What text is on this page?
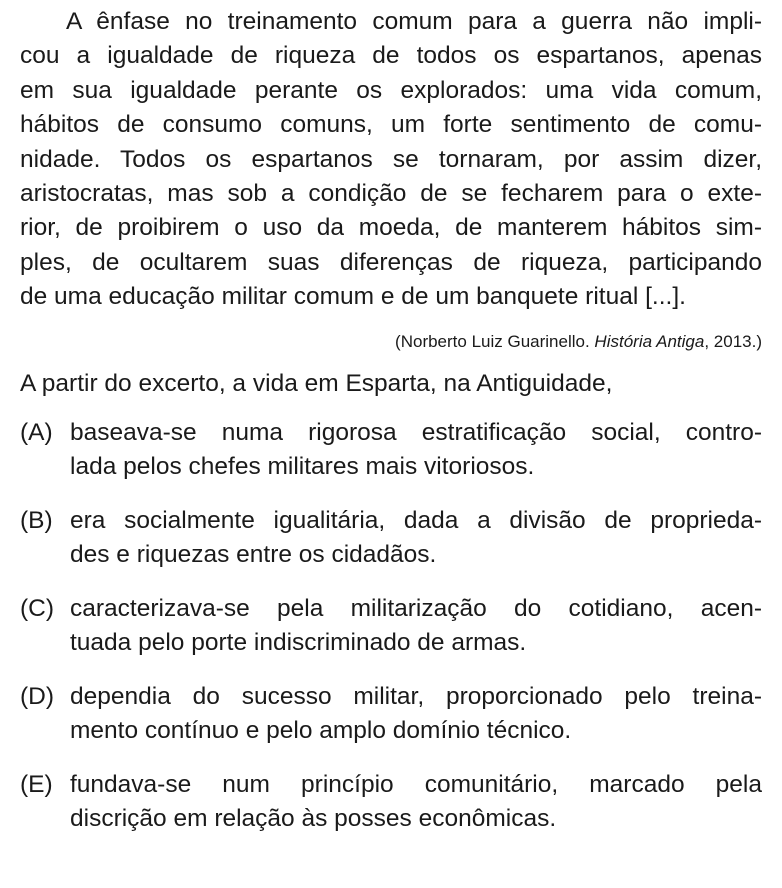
A ênfase no treinamento comum para a guerra não impli-
cou a igualdade de riqueza de todos os espartanos, apenas
em sua igualdade perante os explorados: uma vida comum,
hábitos de consumo comuns, um forte sentimento de comu-
nidade. Todos os espartanos se tornaram, por assim dizer,
aristocratas, mas sob a condição de se fecharem para o exte-
rior, de proibirem o uso da moeda, de manterem hábitos sim-
ples, de ocultarem suas diferenças de riqueza, participando
de uma educação militar comum e de um banquete ritual [...].
(Norberto Luiz Guarinello. História Antiga, 2013.)
A partir do excerto, a vida em Esparta, na Antiguidade,
(A) baseava-se numa rigorosa estratificação social, contro-
lada pelos chefes militares mais vitoriosos.
(B) era socialmente igualitária, dada a divisão de proprieda-
des e riquezas entre os cidadãos.
(C) caracterizava-se pela militarização do cotidiano, acen-
tuada pelo porte indiscriminado de armas.
(D) dependia do sucesso militar, proporcionado pelo treina-
mento contínuo e pelo amplo domínio técnico.
(E) fundava-se num princípio comunitário, marcado pela
discrição em relação às posses econômicas.
